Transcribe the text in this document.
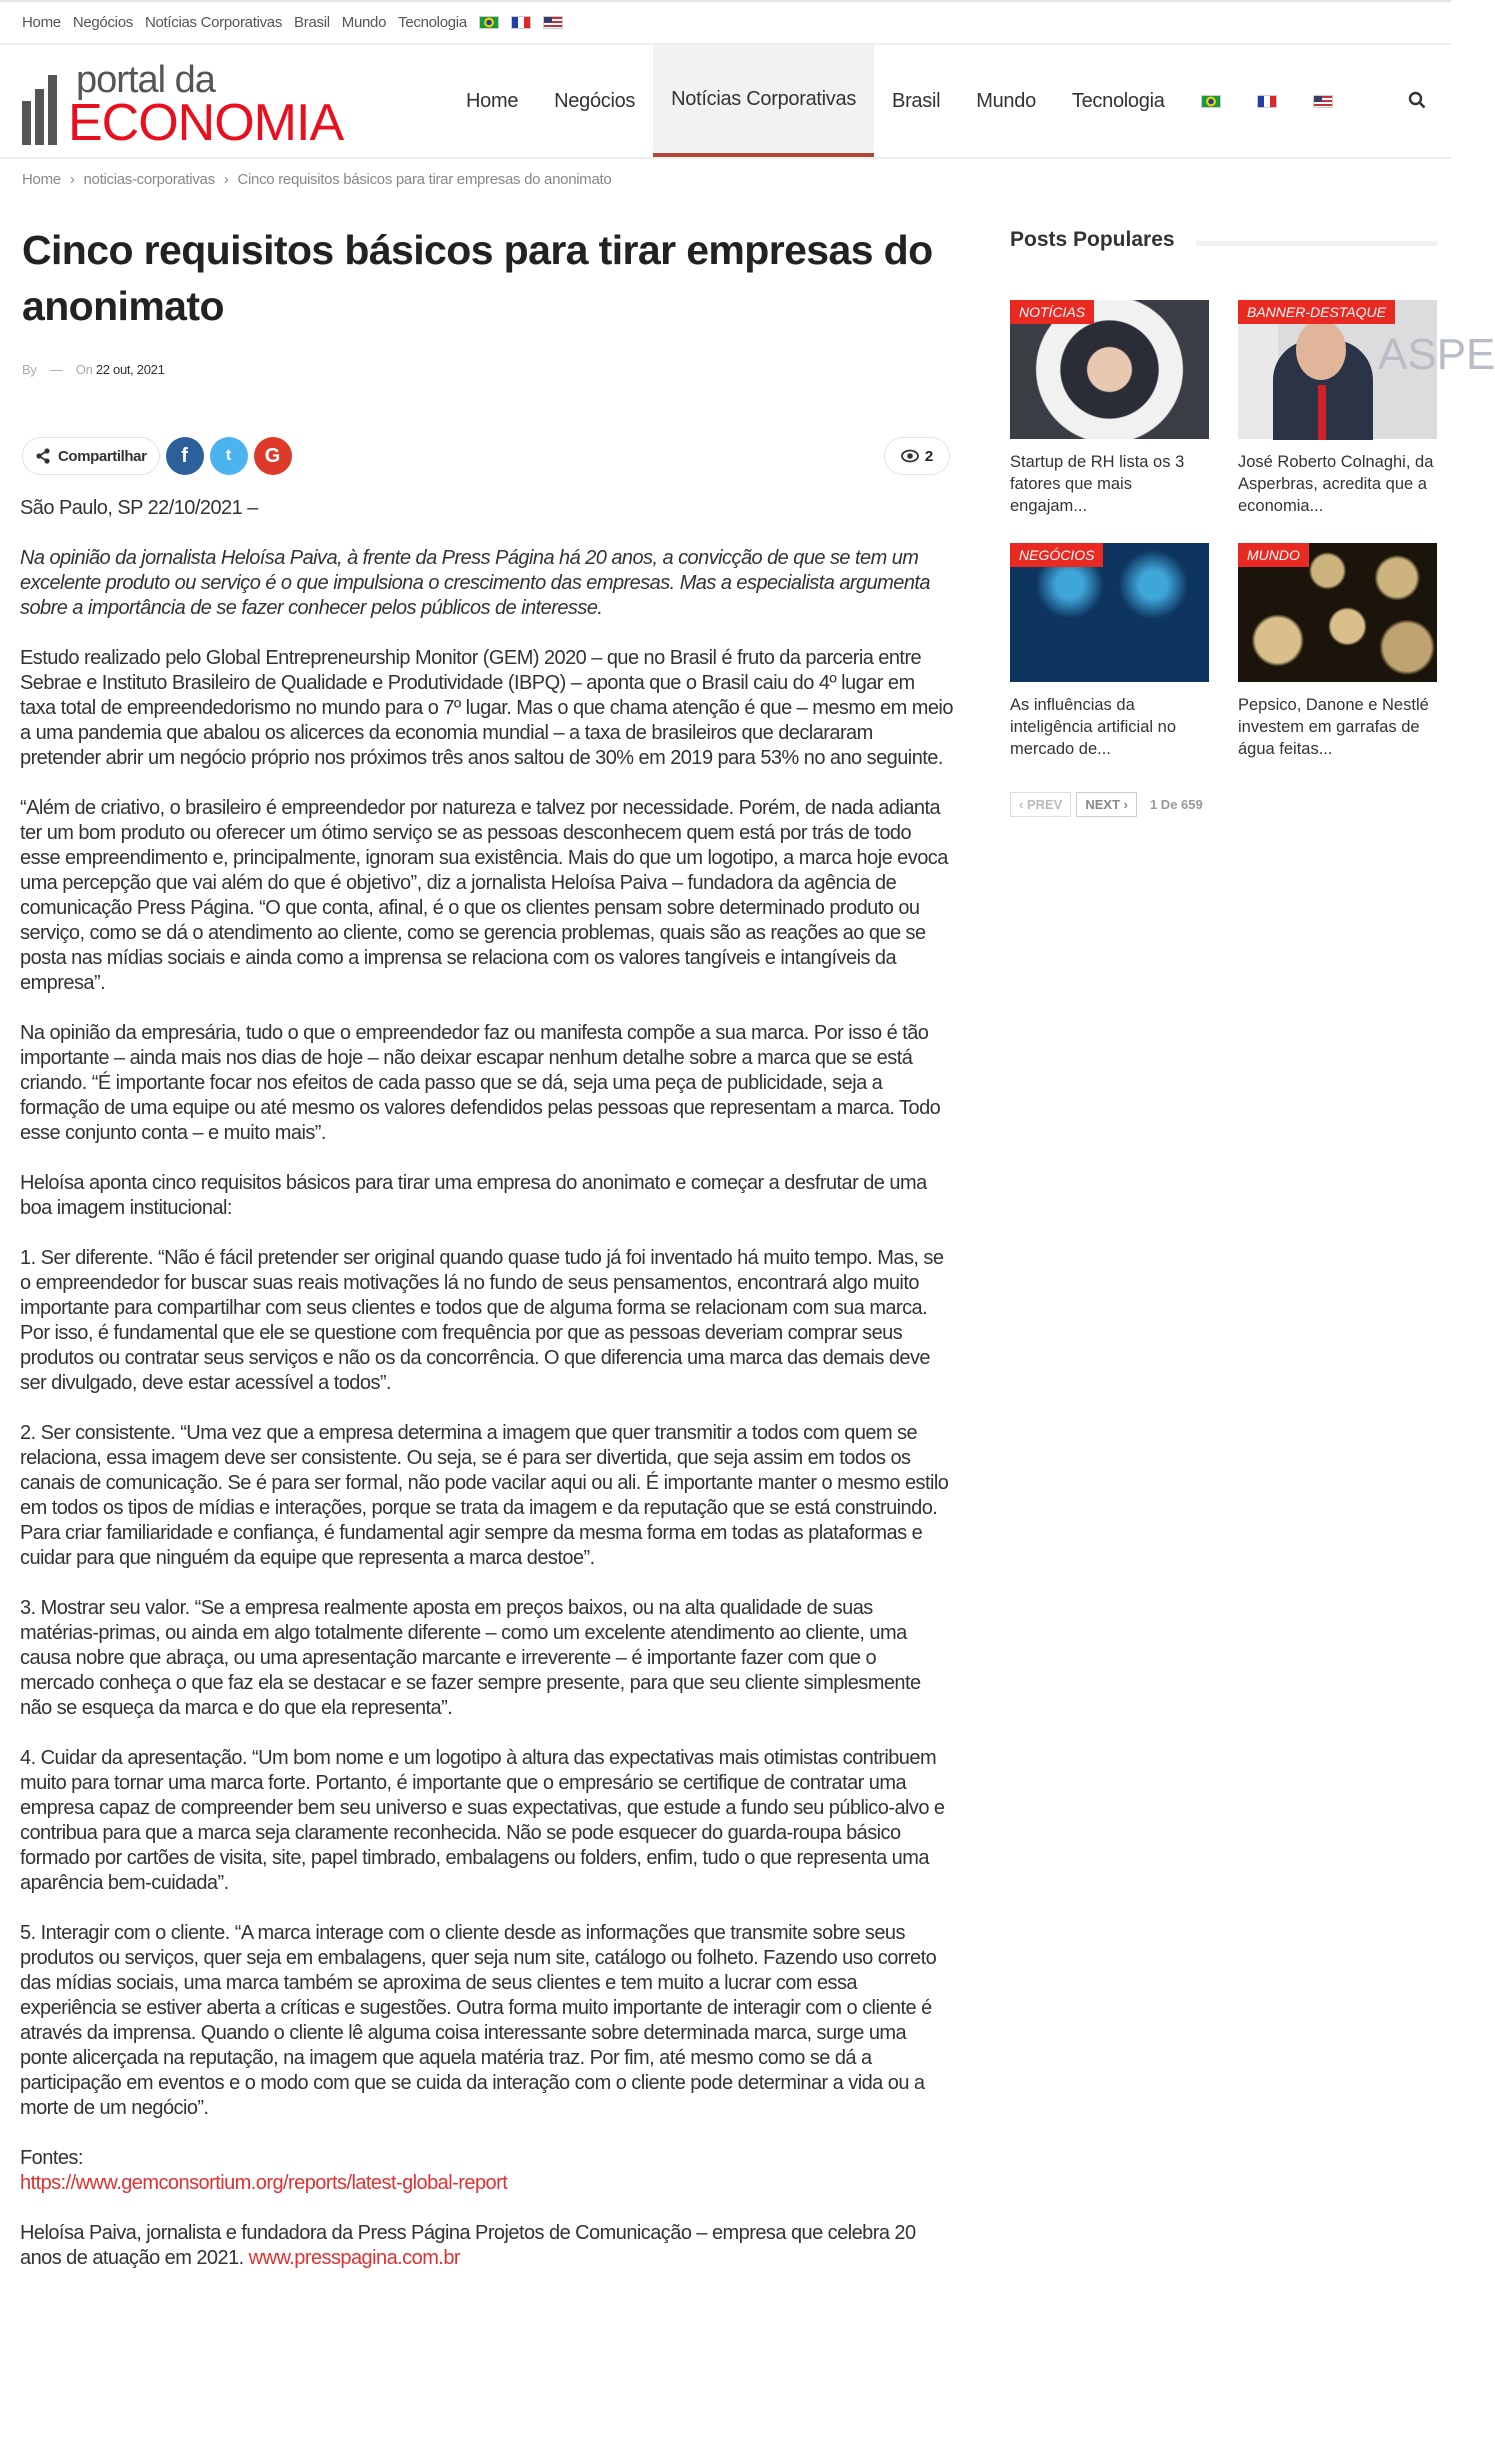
Home Negócios Notícias Corporativas Brasil Mundo Tecnologia
portal da
ECONOMIA	Home	Negócios	Notícias Corporativas	Brasil	Mundo	Tecnologia
Home › noticias-corporativas › Cinco requisitos básicos para tirar empresas do anonimato
Cinco requisitos básicos para tirar empresas do anonimato
By — On 22 out, 2021
Compartilhar	f	t	G	2

São Paulo, SP 22/10/2021 –

Na opinião da jornalista Heloísa Paiva, à frente da Press Página há 20 anos, a convicção de que se tem um excelente produto ou serviço é o que impulsiona o crescimento das empresas. Mas a especialista argumenta sobre a importância de se fazer conhecer pelos públicos de interesse.

Estudo realizado pelo Global Entrepreneurship Monitor (GEM) 2020 – que no Brasil é fruto da parceria entre Sebrae e Instituto Brasileiro de Qualidade e Produtividade (IBPQ) – aponta que o Brasil caiu do 4º lugar em taxa total de empreendedorismo no mundo para o 7º lugar. Mas o que chama atenção é que – mesmo em meio a uma pandemia que abalou os alicerces da economia mundial – a taxa de brasileiros que declararam pretender abrir um negócio próprio nos próximos três anos saltou de 30% em 2019 para 53% no ano seguinte.

“Além de criativo, o brasileiro é empreendedor por natureza e talvez por necessidade. Porém, de nada adianta ter um bom produto ou oferecer um ótimo serviço se as pessoas desconhecem quem está por trás de todo esse empreendimento e, principalmente, ignoram sua existência. Mais do que um logotipo, a marca hoje evoca uma percepção que vai além do que é objetivo”, diz a jornalista Heloísa Paiva – fundadora da agência de comunicação Press Página. “O que conta, afinal, é o que os clientes pensam sobre determinado produto ou serviço, como se dá o atendimento ao cliente, como se gerencia problemas, quais são as reações ao que se posta nas mídias sociais e ainda como a imprensa se relaciona com os valores tangíveis e intangíveis da empresa”.

Na opinião da empresária, tudo o que o empreendedor faz ou manifesta compõe a sua marca. Por isso é tão importante – ainda mais nos dias de hoje – não deixar escapar nenhum detalhe sobre a marca que se está criando. “É importante focar nos efeitos de cada passo que se dá, seja uma peça de publicidade, seja a formação de uma equipe ou até mesmo os valores defendidos pelas pessoas que representam a marca. Todo esse conjunto conta – e muito mais”.

Heloísa aponta cinco requisitos básicos para tirar uma empresa do anonimato e começar a desfrutar de uma boa imagem institucional:

1. Ser diferente. “Não é fácil pretender ser original quando quase tudo já foi inventado há muito tempo. Mas, se o empreendedor for buscar suas reais motivações lá no fundo de seus pensamentos, encontrará algo muito importante para compartilhar com seus clientes e todos que de alguma forma se relacionam com sua marca. Por isso, é fundamental que ele se questione com frequência por que as pessoas deveriam comprar seus produtos ou contratar seus serviços e não os da concorrência. O que diferencia uma marca das demais deve ser divulgado, deve estar acessível a todos”.

2. Ser consistente. “Uma vez que a empresa determina a imagem que quer transmitir a todos com quem se relaciona, essa imagem deve ser consistente. Ou seja, se é para ser divertida, que seja assim em todos os canais de comunicação. Se é para ser formal, não pode vacilar aqui ou ali. É importante manter o mesmo estilo em todos os tipos de mídias e interações, porque se trata da imagem e da reputação que se está construindo. Para criar familiaridade e confiança, é fundamental agir sempre da mesma forma em todas as plataformas e cuidar para que ninguém da equipe que representa a marca destoe”.

3. Mostrar seu valor. “Se a empresa realmente aposta em preços baixos, ou na alta qualidade de suas matérias-primas, ou ainda em algo totalmente diferente – como um excelente atendimento ao cliente, uma causa nobre que abraça, ou uma apresentação marcante e irreverente – é importante fazer com que o mercado conheça o que faz ela se destacar e se fazer sempre presente, para que seu cliente simplesmente não se esqueça da marca e do que ela representa”.

4. Cuidar da apresentação. “Um bom nome e um logotipo à altura das expectativas mais otimistas contribuem muito para tornar uma marca forte. Portanto, é importante que o empresário se certifique de contratar uma empresa capaz de compreender bem seu universo e suas expectativas, que estude a fundo seu público-alvo e contribua para que a marca seja claramente reconhecida. Não se pode esquecer do guarda-roupa básico formado por cartões de visita, site, papel timbrado, embalagens ou folders, enfim, tudo o que representa uma aparência bem-cuidada”.

5. Interagir com o cliente. “A marca interage com o cliente desde as informações que transmite sobre seus produtos ou serviços, quer seja em embalagens, quer seja num site, catálogo ou folheto. Fazendo uso correto das mídias sociais, uma marca também se aproxima de seus clientes e tem muito a lucrar com essa experiência se estiver aberta a críticas e sugestões. Outra forma muito importante de interagir com o cliente é através da imprensa. Quando o cliente lê alguma coisa interessante sobre determinada marca, surge uma ponte alicerçada na reputação, na imagem que aquela matéria traz. Por fim, até mesmo como se dá a participação em eventos e o modo com que se cuida da interação com o cliente pode determinar a vida ou a morte de um negócio”.

Fontes:
https://www.gemconsortium.org/reports/latest-global-report

Heloísa Paiva, jornalista e fundadora da Press Página Projetos de Comunicação – empresa que celebra 20 anos de atuação em 2021. www.presspagina.com.br

Posts Populares
NOTÍCIAS
Startup de RH lista os 3 fatores que mais engajam...
ASPE
BANNER-DESTAQUE
José Roberto Colnaghi, da Asperbras, acredita que a economia...
NEGÓCIOS
As influências da inteligência artificial no mercado de...
MUNDO
Pepsico, Danone e Nestlé investem em garrafas de água feitas...
‹ PREV	NEXT ›	1 De 659
